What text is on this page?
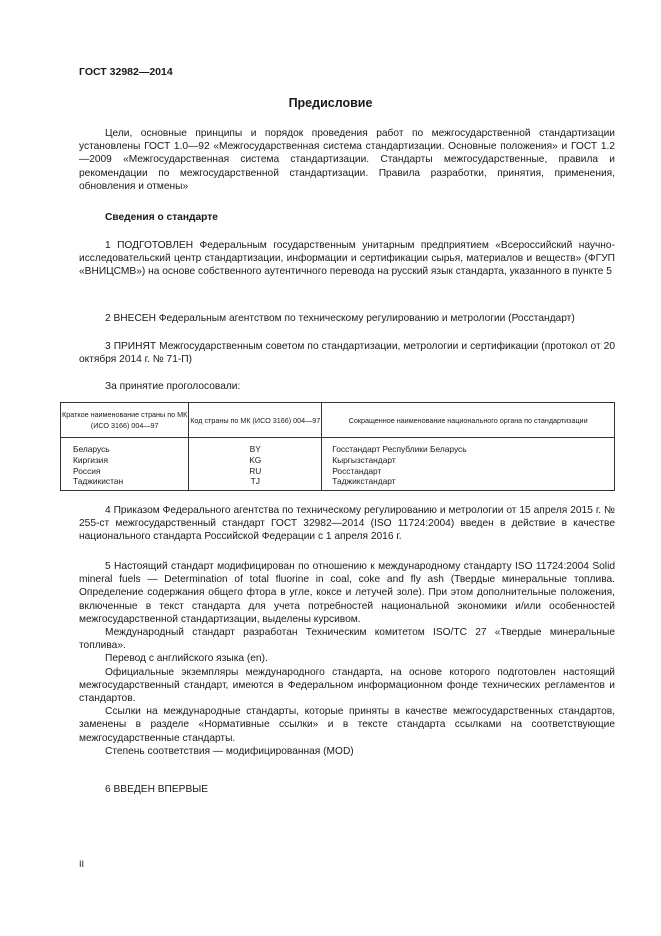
ГОСТ 32982—2014
Предисловие

Цели, основные принципы и порядок проведения работ по межгосударственной стандартизации установлены ГОСТ 1.0—92 «Межгосударственная система стандартизации. Основные положения» и ГОСТ 1.2—2009 «Межгосударственная система стандартизации. Стандарты межгосударственные, правила и рекомендации по межгосударственной стандартизации. Правила разработки, принятия, применения, обновления и отмены»

Сведения о стандарте

1 ПОДГОТОВЛЕН Федеральным государственным унитарным предприятием «Всероссийский научно-исследовательский центр стандартизации, информации и сертификации сырья, материалов и веществ» (ФГУП «ВНИЦСМВ») на основе собственного аутентичного перевода на русский язык стандарта, указанного в пункте 5

2 ВНЕСЕН Федеральным агентством по техническому регулированию и метрологии (Росстандарт)

3 ПРИНЯТ Межгосударственным советом по стандартизации, метрологии и сертификации (протокол от 20 октября 2014 г. № 71-П)

За принятие проголосовали:
Краткое наименование страны по МК (ИСО 3166) 004—97	Код страны по МК (ИСО 3166) 004—97	Сокращенное наименование национального органа по стандартизации
Беларусь	BY	Госстандарт Республики Беларусь
Киргизия	KG	Кыргызстандарт
Россия	RU	Росстандарт
Таджикистан	TJ	Таджикстандарт

4 Приказом Федерального агентства по техническому регулированию и метрологии от 15 апреля 2015 г. № 255-ст межгосударственный стандарт ГОСТ 32982—2014 (ISO 11724:2004) введен в действие в качестве национального стандарта Российской Федерации с 1 апреля 2016 г.

5 Настоящий стандарт модифицирован по отношению к международному стандарту ISO 11724:2004 Solid mineral fuels — Determination of total fluorine in coal, coke and fly ash (Твердые минеральные топлива. Определение содержания общего фтора в угле, коксе и летучей золе). При этом дополнительные положения, включенные в текст стандарта для учета потребностей национальной экономики и/или особенностей межгосударственной стандартизации, выделены курсивом.

Международный стандарт разработан Техническим комитетом ISO/TC 27 «Твердые минеральные топлива».

Перевод с английского языка (en).

Официальные экземпляры международного стандарта, на основе которого подготовлен настоящий межгосударственный стандарт, имеются в Федеральном информационном фонде технических регламентов и стандартов.

Ссылки на международные стандарты, которые приняты в качестве межгосударственных стандартов, заменены в разделе «Нормативные ссылки» и в тексте стандарта ссылками на соответствующие межгосударственные стандарты.

Степень соответствия — модифицированная (MOD)

6 ВВЕДЕН ВПЕРВЫЕ
II
